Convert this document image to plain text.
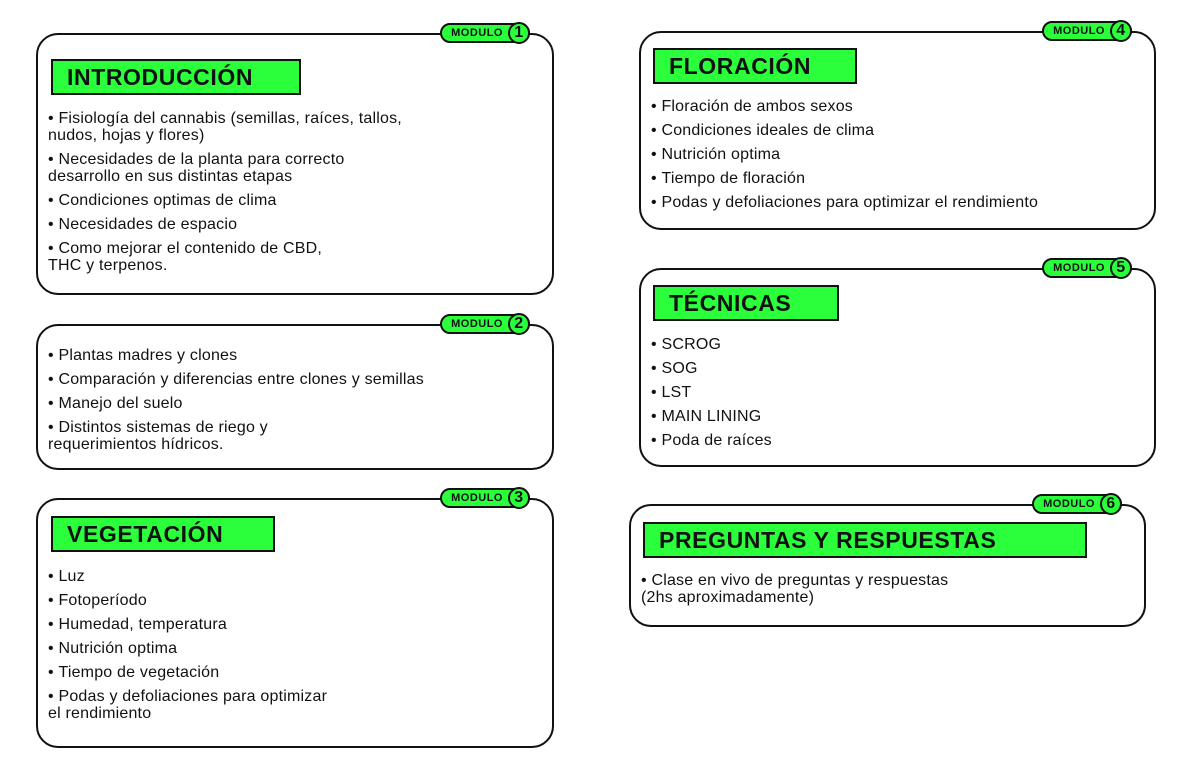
MODULO 1
INTRODUCCIÓN
• Fisiología del cannabis (semillas, raíces, tallos,
nudos, hojas y flores)
• Necesidades de la planta para correcto
desarrollo en sus distintas etapas
• Condiciones optimas de clima
• Necesidades de espacio
• Como mejorar el contenido de CBD,
THC y terpenos.
MODULO 2
• Plantas madres y clones
• Comparación y diferencias entre clones y semillas
• Manejo del suelo
• Distintos sistemas de riego y
requerimientos hídricos.
MODULO 3
VEGETACIÓN
• Luz
• Fotoperíodo
• Humedad, temperatura
• Nutrición optima
• Tiempo de vegetación
• Podas y defoliaciones para optimizar
el rendimiento
MODULO 4
FLORACIÓN
• Floración de ambos sexos
• Condiciones ideales de clima
• Nutrición optima
• Tiempo de floración
• Podas y defoliaciones para optimizar el rendimiento
MODULO 5
TÉCNICAS
• SCROG
• SOG
• LST
• MAIN LINING
• Poda de raíces
MODULO 6
PREGUNTAS Y RESPUESTAS
• Clase en vivo de preguntas y respuestas
(2hs aproximadamente)
